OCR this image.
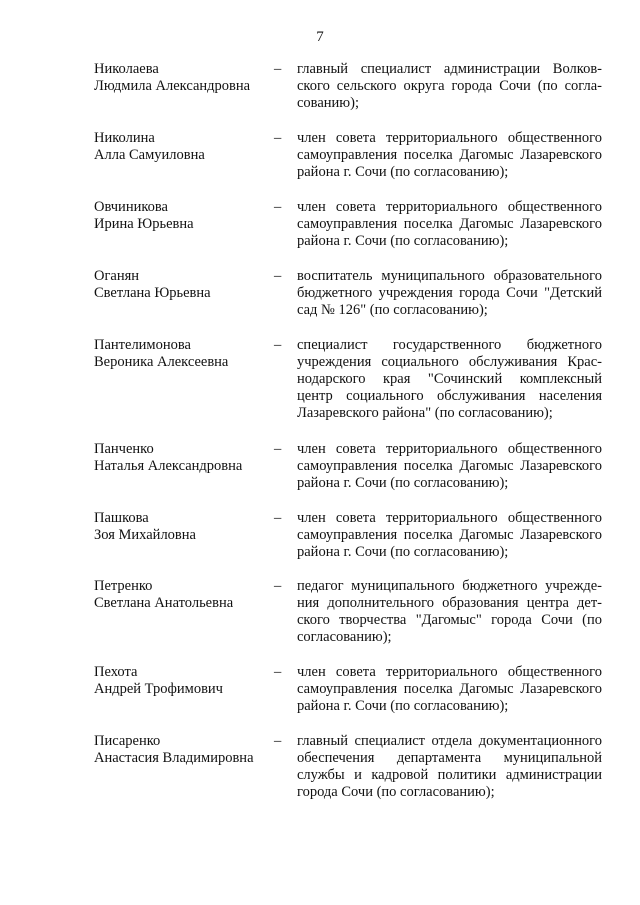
7
Николаева
Людмила Александровна
– главный специалист администрации Волков-
ского сельского округа города Сочи (по согла-
сованию);
Николина
Алла Самуиловна
– член совета территориального общественного
самоуправления поселка Дагомыс Лазаревского
района г. Сочи (по согласованию);
Овчиникова
Ирина Юрьевна
– член совета территориального общественного
самоуправления поселка Дагомыс Лазаревского
района г. Сочи (по согласованию);
Оганян
Светлана Юрьевна
– воспитатель муниципального образовательного
бюджетного учреждения города Сочи "Детский
сад № 126" (по согласованию);
Пантелимонова
Вероника Алексеевна
– специалист государственного бюджетного
учреждения социального обслуживания Крас-
нодарского края "Сочинский комплексный
центр социального обслуживания населения
Лазаревского района" (по согласованию);
Панченко
Наталья Александровна
– член совета территориального общественного
самоуправления поселка Дагомыс Лазаревского
района г. Сочи (по согласованию);
Пашкова
Зоя Михайловна
– член совета территориального общественного
самоуправления поселка Дагомыс Лазаревского
района г. Сочи (по согласованию);
Петренко
Светлана Анатольевна
– педагог муниципального бюджетного учрежде-
ния дополнительного образования центра дет-
ского творчества "Дагомыс" города Сочи (по
согласованию);
Пехота
Андрей Трофимович
– член совета территориального общественного
самоуправления поселка Дагомыс Лазаревского
района г. Сочи (по согласованию);
Писаренко
Анастасия Владимировна
– главный специалист отдела документационного
обеспечения департамента муниципальной
службы и кадровой политики администрации
города Сочи (по согласованию);
